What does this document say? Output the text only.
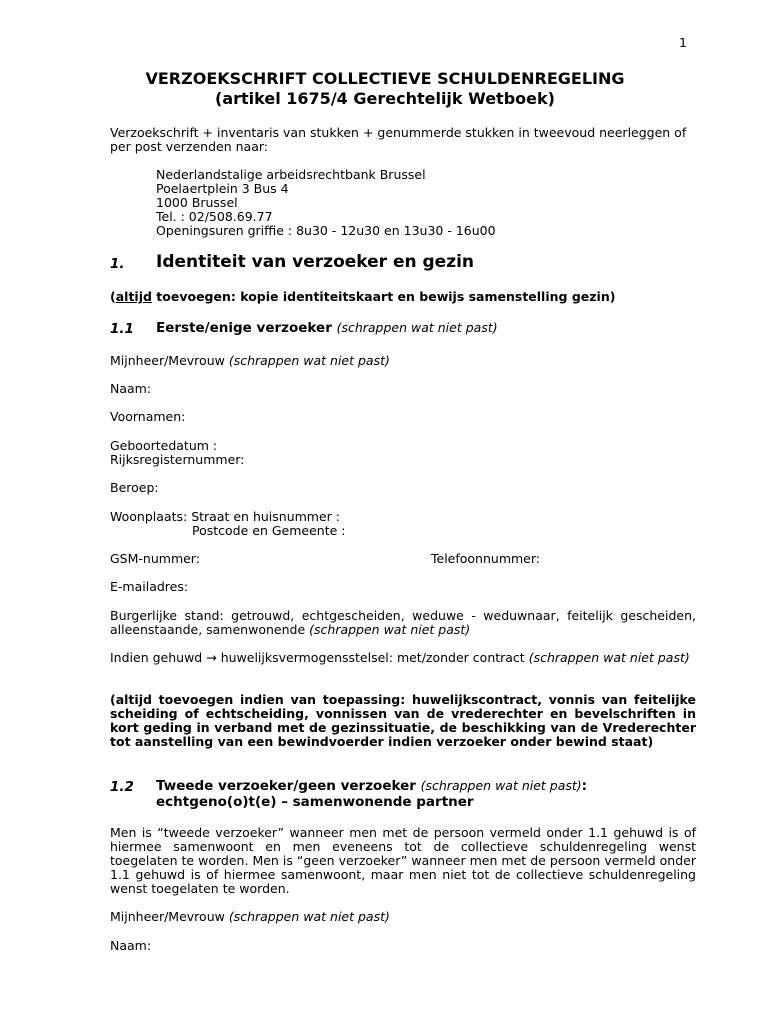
1
VERZOEKSCHRIFT COLLECTIEVE SCHULDENREGELING
(artikel 1675/4 Gerechtelijk Wetboek)
Verzoekschrift + inventaris van stukken + genummerde stukken in tweevoud neerleggen of per post verzenden naar:
Nederlandstalige arbeidsrechtbank Brussel
Poelaertplein 3 Bus 4
1000 Brussel
Tel. : 02/508.69.77
Openingsuren griffie : 8u30 - 12u30 en 13u30 - 16u00
1. Identiteit van verzoeker en gezin
(altijd toevoegen: kopie identiteitskaart en bewijs samenstelling gezin)
1.1 Eerste/enige verzoeker (schrappen wat niet past)
Mijnheer/Mevrouw (schrappen wat niet past)
Naam:
Voornamen:
Geboortedatum :
Rijksregisternummer:
Beroep:
Woonplaats: Straat en huisnummer :
Postcode en Gemeente :
GSM-nummer:	Telefoonnummer:
E-mailadres:
Burgerlijke stand: getrouwd, echtgescheiden, weduwe - weduwnaar, feitelijk gescheiden, alleenstaande, samenwonende (schrappen wat niet past)
Indien gehuwd → huwelijksvermogensstelsel: met/zonder contract (schrappen wat niet past)
(altijd toevoegen indien van toepassing: huwelijkscontract, vonnis van feitelijke scheiding of echtscheiding, vonnissen van de vrederechter en bevelschriften in kort geding in verband met de gezinssituatie, de beschikking van de Vrederechter tot aanstelling van een bewindvoerder indien verzoeker onder bewind staat)
1.2 Tweede verzoeker/geen verzoeker (schrappen wat niet past):
echtgeno(o)t(e) – samenwonende partner
Men is “tweede verzoeker” wanneer men met de persoon vermeld onder 1.1 gehuwd is of hiermee samenwoont en men eveneens tot de collectieve schuldenregeling wenst toegelaten te worden. Men is “geen verzoeker” wanneer men met de persoon vermeld onder 1.1 gehuwd is of hiermee samenwoont, maar men niet tot de collectieve schuldenregeling wenst toegelaten te worden.
Mijnheer/Mevrouw (schrappen wat niet past)
Naam:
